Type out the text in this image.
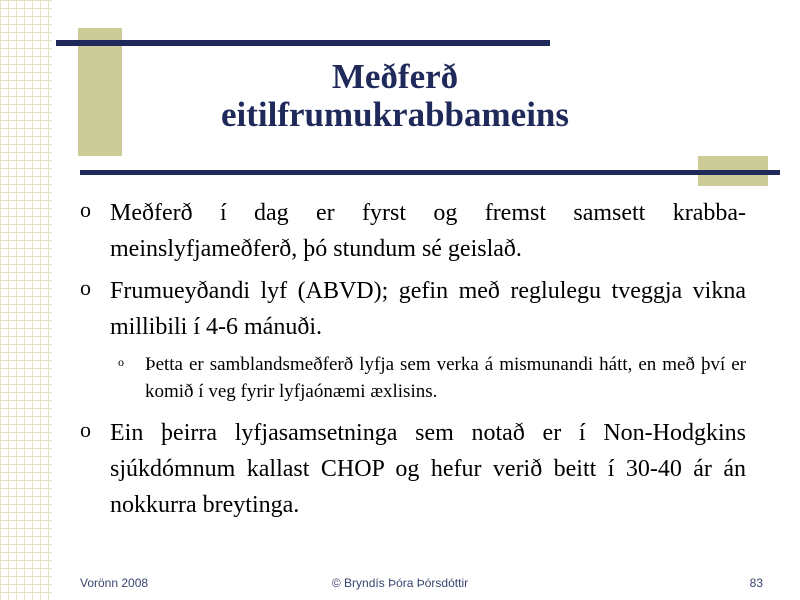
Meðferð
eitilfrumukrabbameins
o Meðferð í dag er fyrst og fremst samsett krabba-meinslyfjameðferð, þó stundum sé geislað.
o Frumueyðandi lyf (ABVD); gefin með reglulegu tveggja vikna millibili í 4-6 mánuði.
o Þetta er samblandsmeðferð lyfja sem verka á mismunandi hátt, en með því er komið í veg fyrir lyfjaónæmi æxlisins.
o Ein þeirra lyfjasamsetninga sem notað er í Non-Hodgkins sjúkdómnum kallast CHOP og hefur verið beitt í 30-40 ár án nokkurra breytinga.
Vorönn 2008	© Bryndís Þóra Þórsdóttir	83
